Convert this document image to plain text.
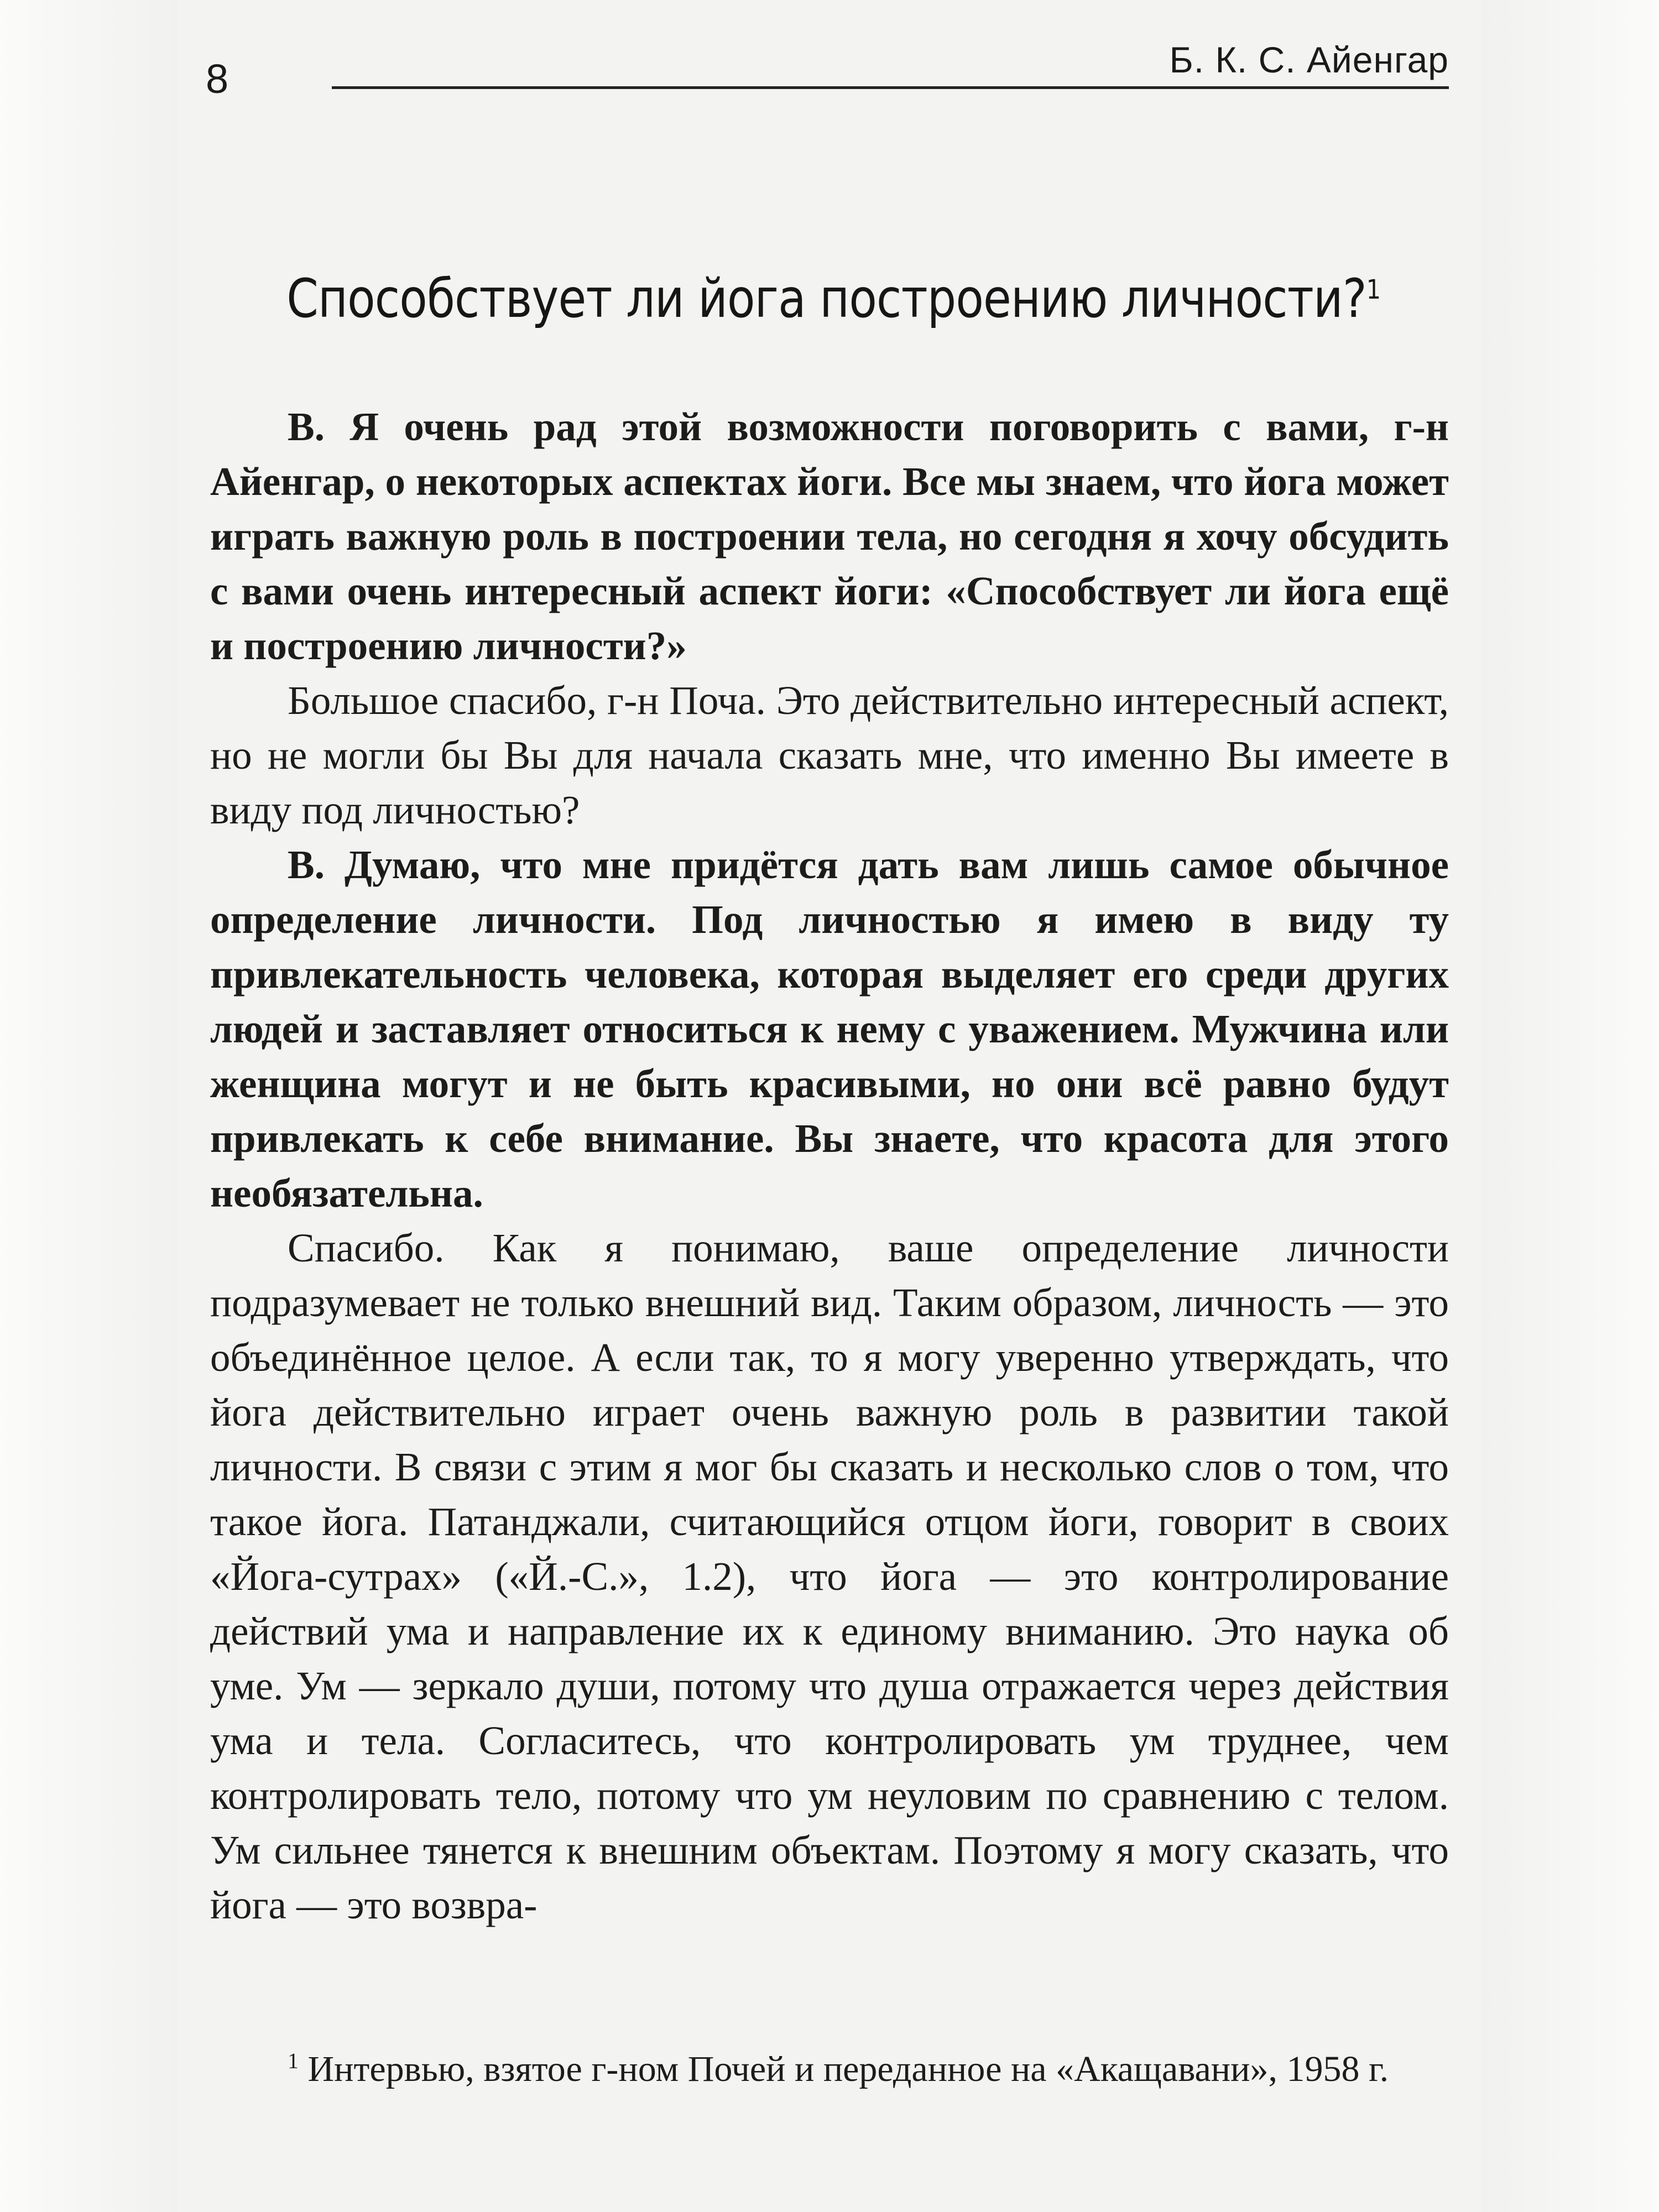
8	Б. К. С. Айенгар
Способствует ли йога построению личности?$^1$

В. Я очень рад этой возможности поговорить с вами, г-н Айенгар, о некоторых аспектах йоги. Все мы знаем, что йога может играть важную роль в построении тела, но сегодня я хочу обсудить с вами очень интересный аспект йоги: «Способствует ли йога ещё и построению личности?»

Большое спасибо, г-н Поча. Это действительно интересный аспект, но не могли бы Вы для начала сказать мне, что именно Вы имеете в виду под личностью?

В. Думаю, что мне придётся дать вам лишь самое обычное определение личности. Под личностью я имею в виду ту привлекательность человека, которая выделяет его среди других людей и заставляет относиться к нему с уважением. Мужчина или женщина могут и не быть красивыми, но они всё равно будут привлекать к себе внимание. Вы знаете, что красота для этого необязательна.

Спасибо. Как я понимаю, ваше определение личности подразумевает не только внешний вид. Таким образом, личность — это объединённое целое. А если так, то я могу уверенно утверждать, что йога действительно играет очень важную роль в развитии такой личности. В связи с этим я мог бы сказать и несколько слов о том, что такое йога. Патанджали, считающийся отцом йоги, говорит в своих «Йога-сутрах» («Й.-С.», 1.2), что йога — это контролирование действий ума и направление их к единому вниманию. Это наука об уме. Ум — зеркало души, потому что душа отражается через действия ума и тела. Согласитесь, что контролировать ум труднее, чем контролировать тело, потому что ум неуловим по сравнению с телом. Ум сильнее тянется к внешним объектам. Поэтому я могу сказать, что йога — это возвра-

$^1$ Интервью, взятое г-ном Почей и переданное на «Акащавани», 1958 г.
